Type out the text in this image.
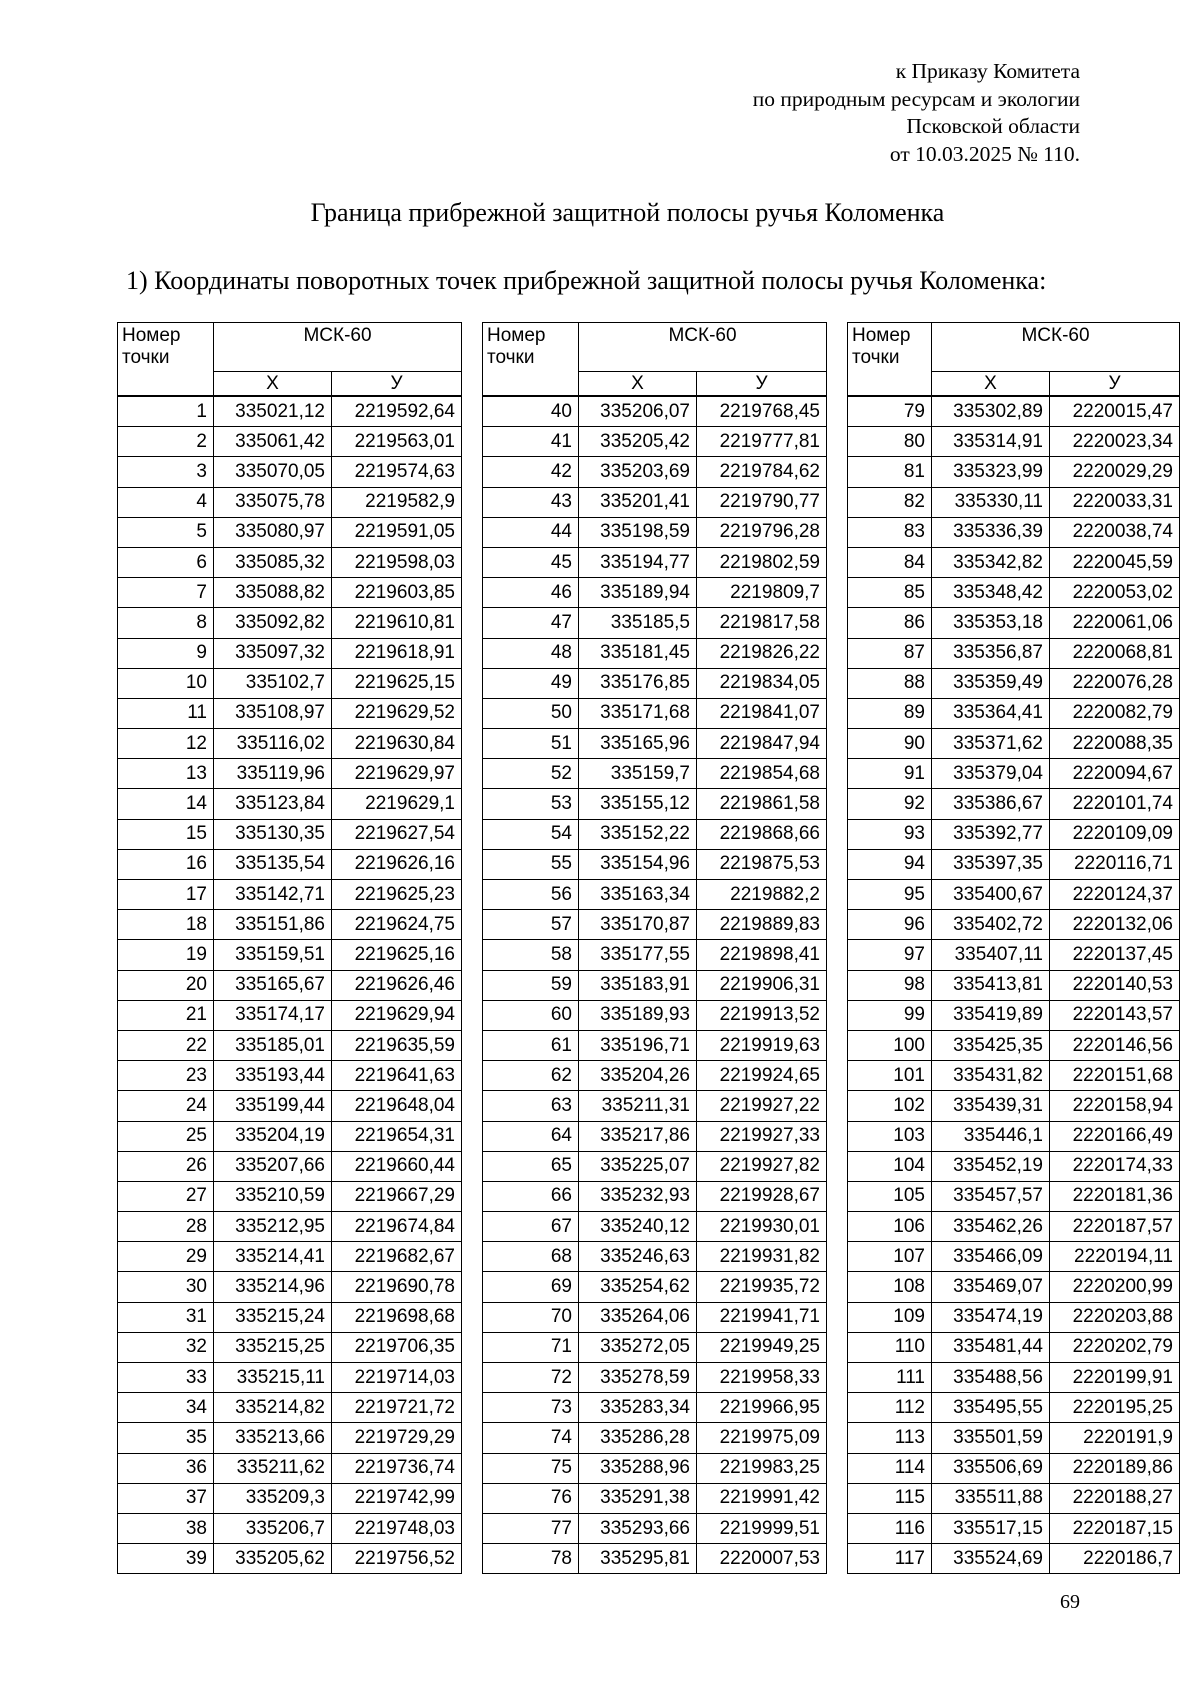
к Приказу Комитета
по природным ресурсам и экологии
Псковской области
от 10.03.2025 № 110.
Граница прибрежной защитной полосы ручья Коломенка
1) Координаты поворотных точек прибрежной защитной полосы ручья Коломенка:
Номер
точки	МСК-60	
	Х	У
1	335021,12	2219592,64
2	335061,42	2219563,01
3	335070,05	2219574,63
4	335075,78	2219582,9
5	335080,97	2219591,05
6	335085,32	2219598,03
7	335088,82	2219603,85
8	335092,82	2219610,81
9	335097,32	2219618,91
10	335102,7	2219625,15
11	335108,97	2219629,52
12	335116,02	2219630,84
13	335119,96	2219629,97
14	335123,84	2219629,1
15	335130,35	2219627,54
16	335135,54	2219626,16
17	335142,71	2219625,23
18	335151,86	2219624,75
19	335159,51	2219625,16
20	335165,67	2219626,46
21	335174,17	2219629,94
22	335185,01	2219635,59
23	335193,44	2219641,63
24	335199,44	2219648,04
25	335204,19	2219654,31
26	335207,66	2219660,44
27	335210,59	2219667,29
28	335212,95	2219674,84
29	335214,41	2219682,67
30	335214,96	2219690,78
31	335215,24	2219698,68
32	335215,25	2219706,35
33	335215,11	2219714,03
34	335214,82	2219721,72
35	335213,66	2219729,29
36	335211,62	2219736,74
37	335209,3	2219742,99
38	335206,7	2219748,03
39	335205,62	2219756,52
Номер
точки	МСК-60	
	Х	У
40	335206,07	2219768,45
41	335205,42	2219777,81
42	335203,69	2219784,62
43	335201,41	2219790,77
44	335198,59	2219796,28
45	335194,77	2219802,59
46	335189,94	2219809,7
47	335185,5	2219817,58
48	335181,45	2219826,22
49	335176,85	2219834,05
50	335171,68	2219841,07
51	335165,96	2219847,94
52	335159,7	2219854,68
53	335155,12	2219861,58
54	335152,22	2219868,66
55	335154,96	2219875,53
56	335163,34	2219882,2
57	335170,87	2219889,83
58	335177,55	2219898,41
59	335183,91	2219906,31
60	335189,93	2219913,52
61	335196,71	2219919,63
62	335204,26	2219924,65
63	335211,31	2219927,22
64	335217,86	2219927,33
65	335225,07	2219927,82
66	335232,93	2219928,67
67	335240,12	2219930,01
68	335246,63	2219931,82
69	335254,62	2219935,72
70	335264,06	2219941,71
71	335272,05	2219949,25
72	335278,59	2219958,33
73	335283,34	2219966,95
74	335286,28	2219975,09
75	335288,96	2219983,25
76	335291,38	2219991,42
77	335293,66	2219999,51
78	335295,81	2220007,53
Номер
точки	МСК-60	
	Х	У
79	335302,89	2220015,47
80	335314,91	2220023,34
81	335323,99	2220029,29
82	335330,11	2220033,31
83	335336,39	2220038,74
84	335342,82	2220045,59
85	335348,42	2220053,02
86	335353,18	2220061,06
87	335356,87	2220068,81
88	335359,49	2220076,28
89	335364,41	2220082,79
90	335371,62	2220088,35
91	335379,04	2220094,67
92	335386,67	2220101,74
93	335392,77	2220109,09
94	335397,35	2220116,71
95	335400,67	2220124,37
96	335402,72	2220132,06
97	335407,11	2220137,45
98	335413,81	2220140,53
99	335419,89	2220143,57
100	335425,35	2220146,56
101	335431,82	2220151,68
102	335439,31	2220158,94
103	335446,1	2220166,49
104	335452,19	2220174,33
105	335457,57	2220181,36
106	335462,26	2220187,57
107	335466,09	2220194,11
108	335469,07	2220200,99
109	335474,19	2220203,88
110	335481,44	2220202,79
111	335488,56	2220199,91
112	335495,55	2220195,25
113	335501,59	2220191,9
114	335506,69	2220189,86
115	335511,88	2220188,27
116	335517,15	2220187,15
117	335524,69	2220186,7
69
